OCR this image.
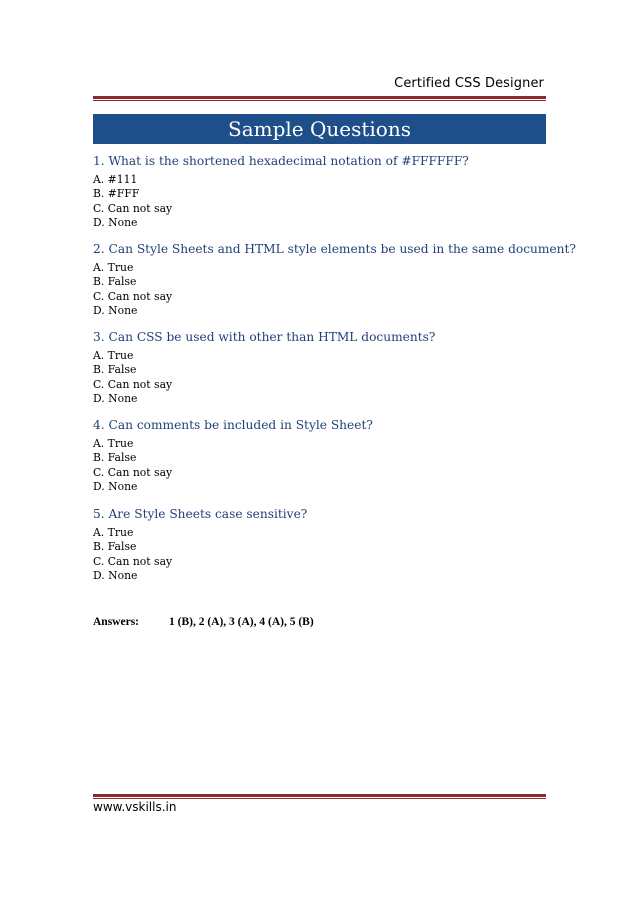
Certified CSS Designer
Sample Questions

1. What is the shortened hexadecimal notation of #FFFFFF?

A. #111

B. #FFF

C. Can not say

D. None

2. Can Style Sheets and HTML style elements be used in the same document?

A. True

B. False

C. Can not say

D. None

3. Can CSS be used with other than HTML documents?

A. True

B. False

C. Can not say

D. None

4. Can comments be included in Style Sheet?

A. True

B. False

C. Can not say

D. None

5. Are Style Sheets case sensitive?

A. True

B. False

C. Can not say

D. None

Answers:	1 (B), 2 (A), 3 (A), 4 (A), 5 (B)
www.vskills.in
